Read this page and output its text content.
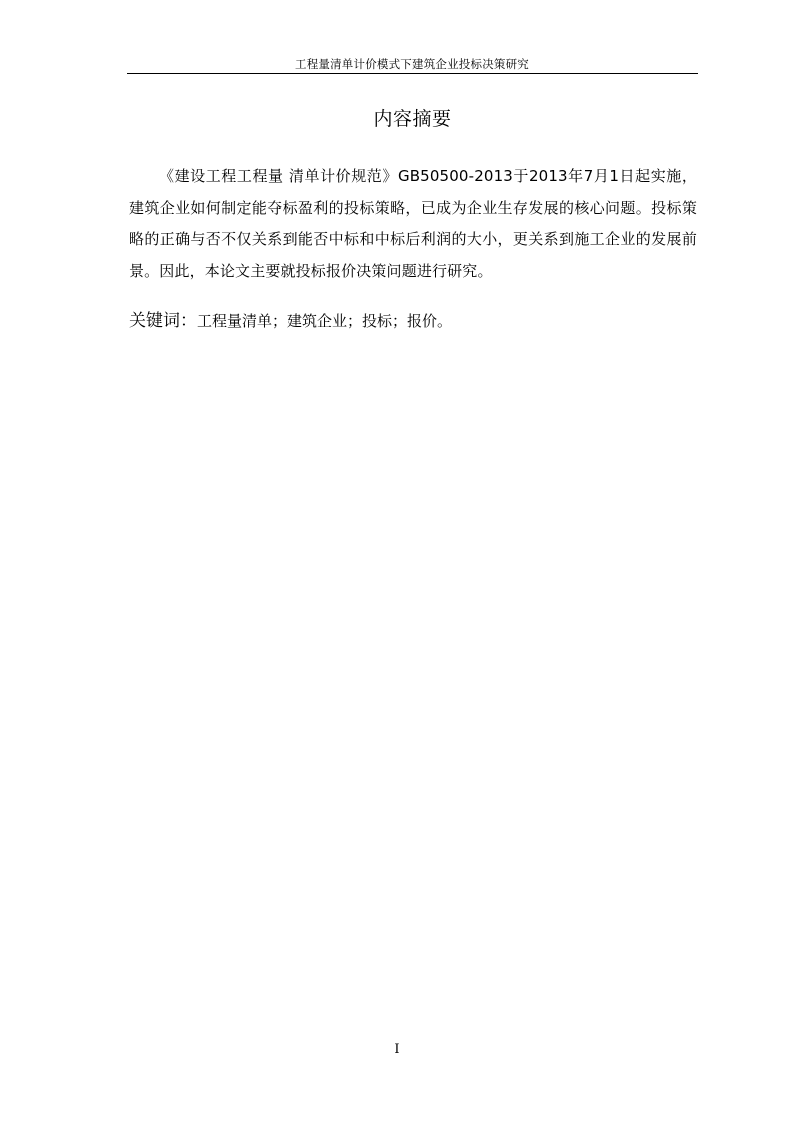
工程量清单计价模式下建筑企业投标决策研究
内容摘要

《建设工程工程量 清单计价规范》GB50500-2013于2013年7月1日起实施，建筑企业如何制定能夺标盈利的投标策略，已成为企业生存发展的核心问题。投标策略的正确与否不仅关系到能否中标和中标后利润的大小，更关系到施工企业的发展前景。因此，本论文主要就投标报价决策问题进行研究。

关键词：工程量清单；建筑企业；投标；报价。
I
